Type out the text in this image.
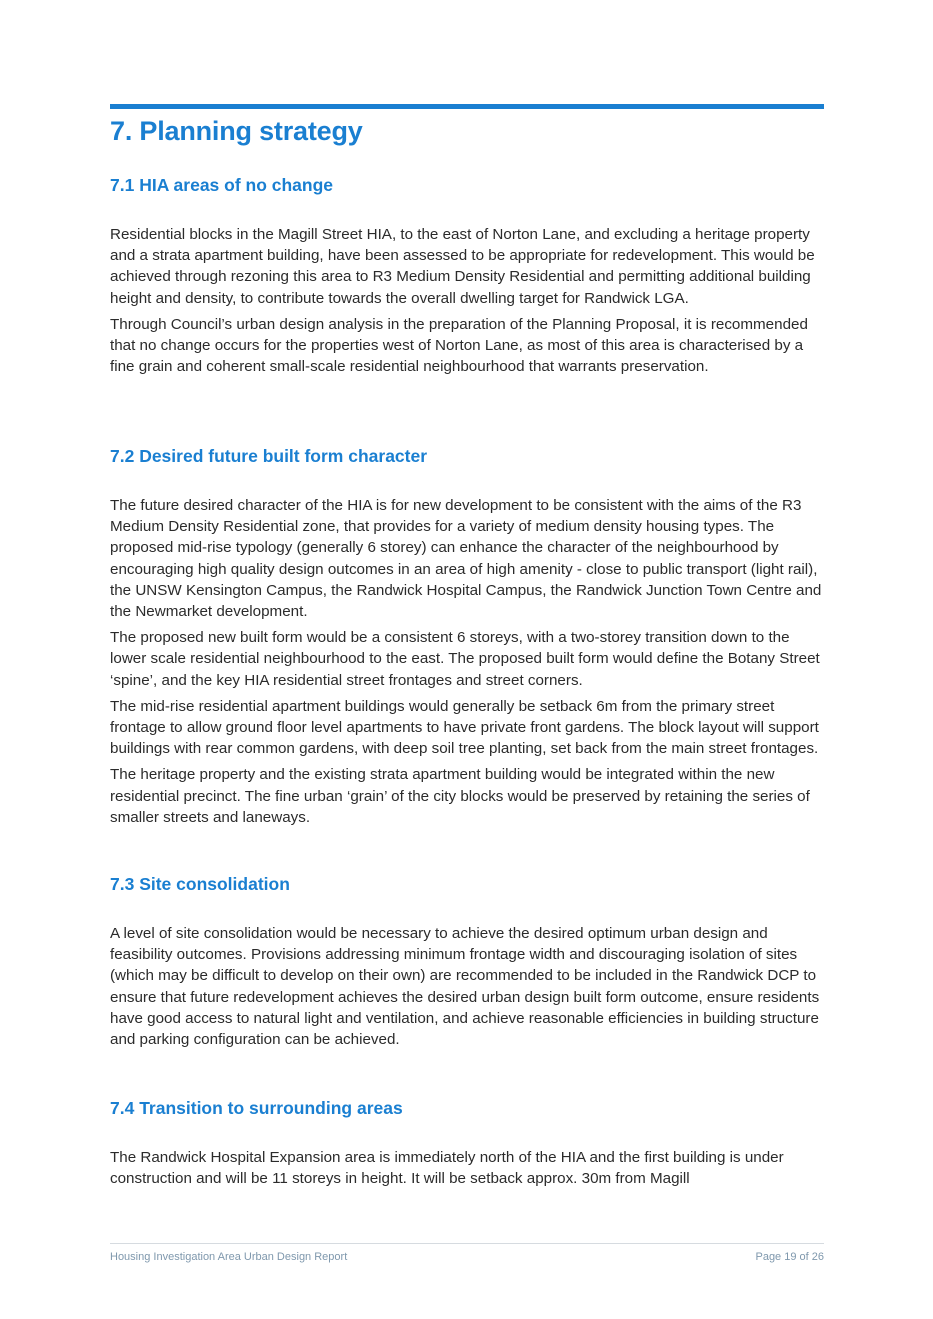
7. Planning strategy
7.1 HIA areas of no change

Residential blocks in the Magill Street HIA, to the east of Norton Lane, and excluding a heritage property and a strata apartment building, have been assessed to be appropriate for redevelopment. This would be achieved through rezoning this area to R3 Medium Density Residential and permitting additional building height and density, to contribute towards the overall dwelling target for Randwick LGA.

Through Council’s urban design analysis in the preparation of the Planning Proposal, it is recommended that no change occurs for the properties west of Norton Lane, as most of this area is characterised by a fine grain and coherent small-scale residential neighbourhood that warrants preservation.

7.2 Desired future built form character

The future desired character of the HIA is for new development to be consistent with the aims of the R3 Medium Density Residential zone, that provides for a variety of medium density housing types. The proposed mid-rise typology (generally 6 storey) can enhance the character of the neighbourhood by encouraging high quality design outcomes in an area of high amenity - close to public transport (light rail), the UNSW Kensington Campus, the Randwick Hospital Campus, the Randwick Junction Town Centre and the Newmarket development.

The proposed new built form would be a consistent 6 storeys, with a two-storey transition down to the lower scale residential neighbourhood to the east. The proposed built form would define the Botany Street ‘spine’, and the key HIA residential street frontages and street corners.

The mid-rise residential apartment buildings would generally be setback 6m from the primary street frontage to allow ground floor level apartments to have private front gardens. The block layout will support buildings with rear common gardens, with deep soil tree planting, set back from the main street frontages.

The heritage property and the existing strata apartment building would be integrated within the new residential precinct. The fine urban ‘grain’ of the city blocks would be preserved by retaining the series of smaller streets and laneways.

7.3 Site consolidation

A level of site consolidation would be necessary to achieve the desired optimum urban design and feasibility outcomes. Provisions addressing minimum frontage width and discouraging isolation of sites (which may be difficult to develop on their own) are recommended to be included in the Randwick DCP to ensure that future redevelopment achieves the desired urban design built form outcome, ensure residents have good access to natural light and ventilation, and achieve reasonable efficiencies in building structure and parking configuration can be achieved.

7.4 Transition to surrounding areas

The Randwick Hospital Expansion area is immediately north of the HIA and the first building is under construction and will be 11 storeys in height. It will be setback approx. 30m from Magill

Housing Investigation Area Urban Design Report	Page 19 of 26
